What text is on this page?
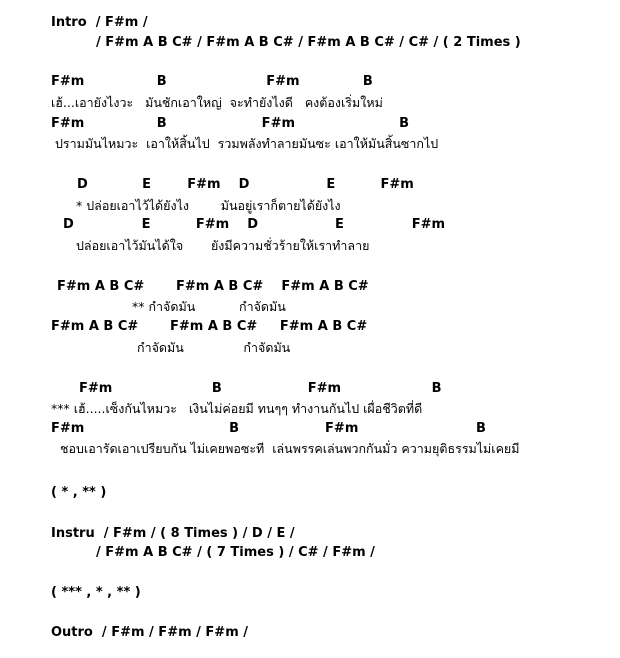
Intro  / F#m /
/ F#m A B C# / F#m A B C# / F#m A B C# / C# / ( 2 Times )
F#m                B                      F#m              B
เฮ้...เอายังไงวะ   มันชักเอาใหญ่  จะทำยังไงดี   คงต้องเริ่มใหม่
F#m                B                     F#m                       B
ปรามมันไหมวะ  เอาให้สิ้นไป  รวมพลังทำลายมันซะ เอาให้มันสิ้นซากไป
D            E        F#m    D                 E          F#m
* ปล่อยเอาไว้ได้ยังไง        มันอยู่เราก็ตายได้ยังไง
D               E          F#m    D                 E               F#m
ปล่อยเอาไว้มันได้ใจ       ยังมีความชั่วร้ายให้เราทำลาย
F#m A B C#       F#m A B C#    F#m A B C#
** กำจัดมัน           กำจัดมัน
F#m A B C#       F#m A B C#     F#m A B C#
กำจัดมัน               กำจัดมัน
F#m                      B                   F#m                    B
*** เฮ้.....เซ็งกันไหมวะ   เงินไม่ค่อยมี ทนๆๆ ทำงานกันไป เผื่อชีวิตที่ดี
F#m                                B                   F#m                          B
ชอบเอารัดเอาเปรียบกัน ไม่เคยพอซะที  เล่นพรรคเล่นพวกกันมั่ว ความยุติธรรมไม่เคยมี
( * , ** )
Instru  / F#m / ( 8 Times ) / D / E /
/ F#m A B C# / ( 7 Times ) / C# / F#m /
( *** , * , ** )
Outro  / F#m / F#m / F#m /
